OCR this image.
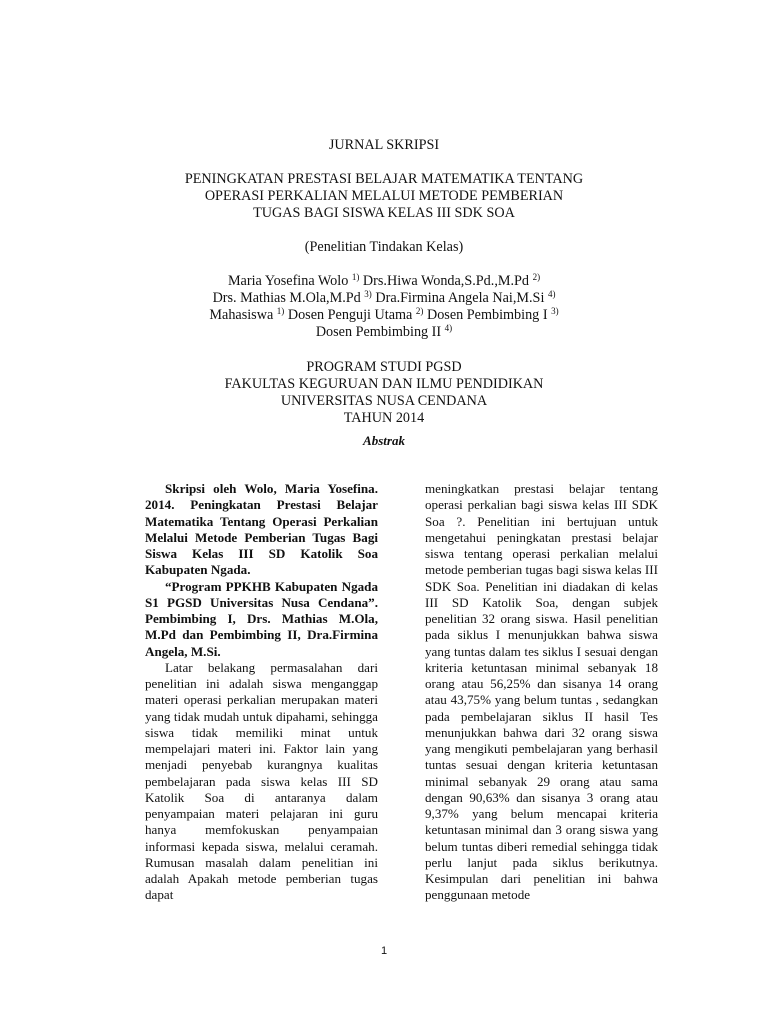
JURNAL SKRIPSI
PENINGKATAN PRESTASI BELAJAR MATEMATIKA TENTANG
OPERASI PERKALIAN MELALUI METODE PEMBERIAN
TUGAS BAGI SISWA KELAS III SDK SOA
(Penelitian Tindakan Kelas)
Maria Yosefina Wolo $^{1)}$ Drs.Hiwa Wonda,S.Pd.,M.Pd $^{2)}$
Drs. Mathias M.Ola,M.Pd $^{3)}$ Dra.Firmina Angela Nai,M.Si $^{4)}$
Mahasiswa $^{1)}$ Dosen Penguji Utama $^{2)}$ Dosen Pembimbing I $^{3)}$
Dosen Pembimbing II $^{4)}$
PROGRAM STUDI PGSD
FAKULTAS KEGURUAN DAN ILMU PENDIDIKAN
UNIVERSITAS NUSA CENDANA
TAHUN 2014
Abstrak

Skripsi oleh Wolo, Maria Yosefina. 2014. Peningkatan Prestasi Belajar Matematika Tentang Operasi Perkalian Melalui Metode Pemberian Tugas Bagi Siswa Kelas III SD Katolik Soa Kabupaten Ngada.

“Program PPKHB Kabupaten Ngada S1 PGSD Universitas Nusa Cendana”. Pembimbing I, Drs. Mathias M.Ola, M.Pd dan Pembimbing II, Dra.Firmina Angela, M.Si.

Latar belakang permasalahan dari penelitian ini adalah siswa menganggap materi operasi perkalian merupakan materi yang tidak mudah untuk dipahami, sehingga siswa tidak memiliki minat untuk mempelajari materi ini. Faktor lain yang menjadi penyebab kurangnya kualitas pembelajaran pada siswa kelas III SD Katolik Soa di antaranya dalam penyampaian materi pelajaran ini guru hanya memfokuskan penyampaian informasi kepada siswa, melalui ceramah. Rumusan masalah dalam penelitian ini adalah Apakah metode pemberian tugas dapat

meningkatkan prestasi belajar tentang operasi perkalian bagi siswa kelas III SDK Soa ?. Penelitian ini bertujuan untuk mengetahui peningkatan prestasi belajar siswa tentang operasi perkalian melalui metode pemberian tugas bagi siswa kelas III SDK Soa. Penelitian ini diadakan di kelas III SD Katolik Soa, dengan subjek penelitian 32 orang siswa. Hasil penelitian pada siklus I menunjukkan bahwa siswa yang tuntas dalam tes siklus I sesuai dengan kriteria ketuntasan minimal sebanyak 18 orang atau 56,25% dan sisanya 14 orang atau 43,75% yang belum tuntas , sedangkan pada pembelajaran siklus II hasil Tes menunjukkan bahwa dari 32 orang siswa yang mengikuti pembelajaran yang berhasil tuntas sesuai dengan kriteria ketuntasan minimal sebanyak 29 orang atau sama dengan 90,63% dan sisanya 3 orang atau 9,37% yang belum mencapai kriteria ketuntasan minimal dan 3 orang siswa yang belum tuntas diberi remedial sehingga tidak perlu lanjut pada siklus berikutnya. Kesimpulan dari penelitian ini bahwa penggunaan metode

1
